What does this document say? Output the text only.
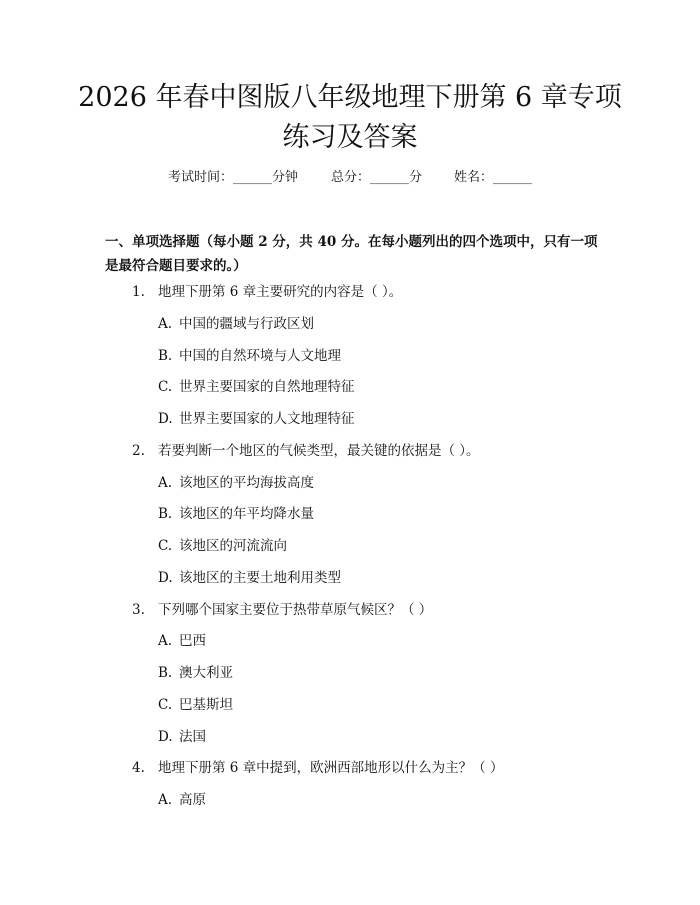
2026 年春中图版八年级地理下册第 6 章专项
练习及答案
考试时间：______分钟	总分：______分 姓名：______

一、单项选择题（每小题 2 分，共 40 分。在每小题列出的四个选项中，只有一项是最符合题目要求的。）

1. 地理下册第 6 章主要研究的内容是（ ）。
A. 中国的疆域与行政区划
B. 中国的自然环境与人文地理
C. 世界主要国家的自然地理特征
D. 世界主要国家的人文地理特征
2. 若要判断一个地区的气候类型，最关键的依据是（ ）。
A. 该地区的平均海拔高度
B. 该地区的年平均降水量
C. 该地区的河流流向
D. 该地区的主要土地利用类型
3. 下列哪个国家主要位于热带草原气候区？（ ）
A. 巴西
B. 澳大利亚
C. 巴基斯坦
D. 法国
4. 地理下册第 6 章中提到，欧洲西部地形以什么为主？（ ）
A. 高原
